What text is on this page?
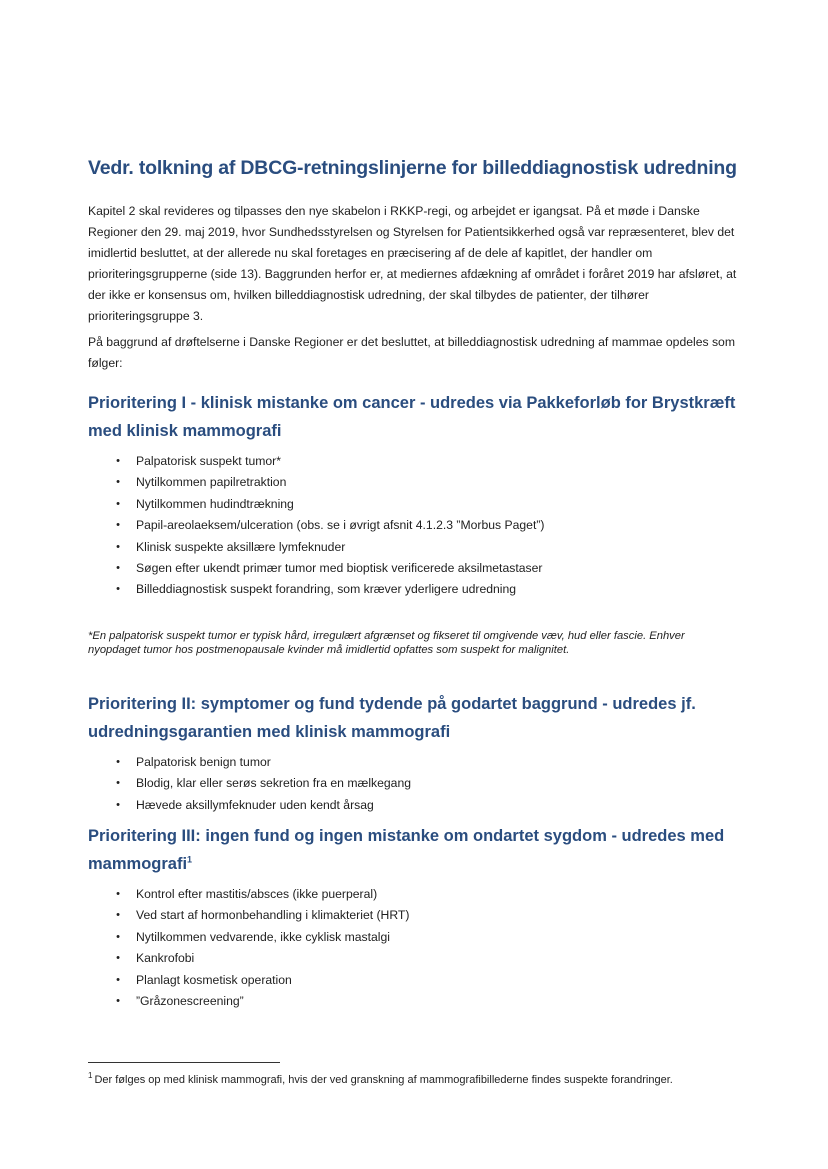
Vedr. tolkning af DBCG-retningslinjerne for billeddiagnostisk udredning
Kapitel 2 skal revideres og tilpasses den nye skabelon i RKKP-regi, og arbejdet er igangsat. På et møde i Danske Regioner den 29. maj 2019, hvor Sundhedsstyrelsen og Styrelsen for Patientsikkerhed også var repræsenteret, blev det imidlertid besluttet, at der allerede nu skal foretages en præcisering af de dele af kapitlet, der handler om prioriteringsgrupperne (side 13). Baggrunden herfor er, at mediernes afdækning af området i foråret 2019 har afsløret, at der ikke er konsensus om, hvilken billeddiagnostisk udredning, der skal tilbydes de patienter, der tilhører prioriteringsgruppe 3.
På baggrund af drøftelserne i Danske Regioner er det besluttet, at billeddiagnostisk udredning af mammae opdeles som følger:
Prioritering I - klinisk mistanke om cancer - udredes via Pakkeforløb for Brystkræft med klinisk mammografi
• Palpatorisk suspekt tumor*
• Nytilkommen papilretraktion
• Nytilkommen hudindtrækning
• Papil-areolaeksem/ulceration (obs. se i øvrigt afsnit 4.1.2.3 ”Morbus Paget”)
• Klinisk suspekte aksillære lymfeknuder
• Søgen efter ukendt primær tumor med bioptisk verificerede aksilmetastaser
• Billeddiagnostisk suspekt forandring, som kræver yderligere udredning
*En palpatorisk suspekt tumor er typisk hård, irregulært afgrænset og fikseret til omgivende væv, hud eller fascie. Enhver nyopdaget tumor hos postmenopausale kvinder må imidlertid opfattes som suspekt for malignitet.
Prioritering II: symptomer og fund tydende på godartet baggrund - udredes jf. udredningsgarantien med klinisk mammografi
• Palpatorisk benign tumor
• Blodig, klar eller serøs sekretion fra en mælkegang
• Hævede aksillymfeknuder uden kendt årsag
Prioritering III: ingen fund og ingen mistanke om ondartet sygdom - udredes med mammografi$^1$
• Kontrol efter mastitis/absces (ikke puerperal)
• Ved start af hormonbehandling i klimakteriet (HRT)
• Nytilkommen vedvarende, ikke cyklisk mastalgi
• Kankrofobi
• Planlagt kosmetisk operation
• ”Gråzonescreening”
$^1$ Der følges op med klinisk mammografi, hvis der ved granskning af mammografibillederne findes suspekte forandringer.
